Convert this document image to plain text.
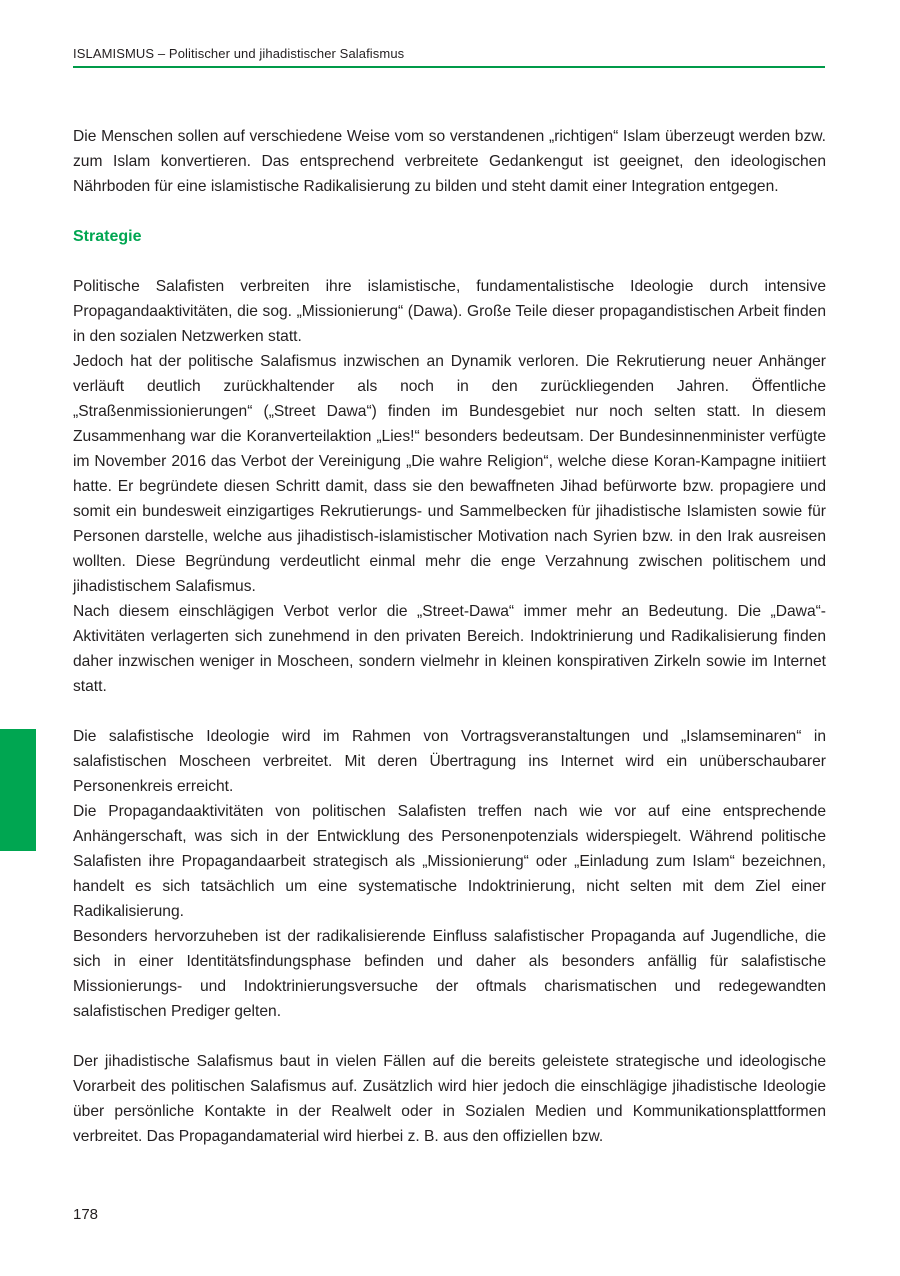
ISLAMISMUS – Politischer und jihadistischer Salafismus

Die Menschen sollen auf verschiedene Weise vom so verstandenen „richtigen“ Islam überzeugt werden bzw. zum Islam konvertieren. Das entsprechend verbreitete Gedankengut ist geeignet, den ideologischen Nährboden für eine islamistische Radikalisierung zu bilden und steht damit einer Integration entgegen.

Strategie

Politische Salafisten verbreiten ihre islamistische, fundamentalistische Ideologie durch intensive Propagandaaktivitäten, die sog. „Missionierung“ (Dawa). Große Teile dieser propagandistischen Arbeit finden in den sozialen Netzwerken statt.

Jedoch hat der politische Salafismus inzwischen an Dynamik verloren. Die Rekrutierung neuer Anhänger verläuft deutlich zurückhaltender als noch in den zurückliegenden Jahren. Öffentliche „Straßenmissionierungen“ („Street Dawa“) finden im Bundesgebiet nur noch selten statt. In diesem Zusammenhang war die Koranverteilaktion „Lies!“ besonders bedeutsam. Der Bundesinnenminister verfügte im November 2016 das Verbot der Vereinigung „Die wahre Religion“, welche diese Koran-Kampagne initiiert hatte. Er begründete diesen Schritt damit, dass sie den bewaffneten Jihad befürworte bzw. propagiere und somit ein bundesweit einzigartiges Rekrutierungs- und Sammelbecken für jihadistische Islamisten sowie für Personen darstelle, welche aus jihadistisch-islamistischer Motivation nach Syrien bzw. in den Irak ausreisen wollten. Diese Begründung verdeutlicht einmal mehr die enge Verzahnung zwischen politischem und jihadistischem Salafismus.

Nach diesem einschlägigen Verbot verlor die „Street-Dawa“ immer mehr an Bedeutung. Die „Dawa“-Aktivitäten verlagerten sich zunehmend in den privaten Bereich. Indoktrinierung und Radikalisierung finden daher inzwischen weniger in Moscheen, sondern vielmehr in kleinen konspirativen Zirkeln sowie im Internet statt.

Die salafistische Ideologie wird im Rahmen von Vortragsveranstaltungen und „Islamseminaren“ in salafistischen Moscheen verbreitet. Mit deren Übertragung ins Internet wird ein unüberschaubarer Personenkreis erreicht.

Die Propagandaaktivitäten von politischen Salafisten treffen nach wie vor auf eine entsprechende Anhängerschaft, was sich in der Entwicklung des Personenpotenzials widerspiegelt. Während politische Salafisten ihre Propagandaarbeit strategisch als „Missionierung“ oder „Einladung zum Islam“ bezeichnen, handelt es sich tatsächlich um eine systematische Indoktrinierung, nicht selten mit dem Ziel einer Radikalisierung.

Besonders hervorzuheben ist der radikalisierende Einfluss salafistischer Propaganda auf Jugendliche, die sich in einer Identitätsfindungsphase befinden und daher als besonders anfällig für salafistische Missionierungs- und Indoktrinierungsversuche der oftmals charismatischen und redegewandten salafistischen Prediger gelten.

Der jihadistische Salafismus baut in vielen Fällen auf die bereits geleistete strategische und ideologische Vorarbeit des politischen Salafismus auf. Zusätzlich wird hier jedoch die einschlägige jihadistische Ideologie über persönliche Kontakte in der Realwelt oder in Sozialen Medien und Kommunikationsplattformen verbreitet. Das Propagandamaterial wird hierbei z. B. aus den offiziellen bzw.

178
